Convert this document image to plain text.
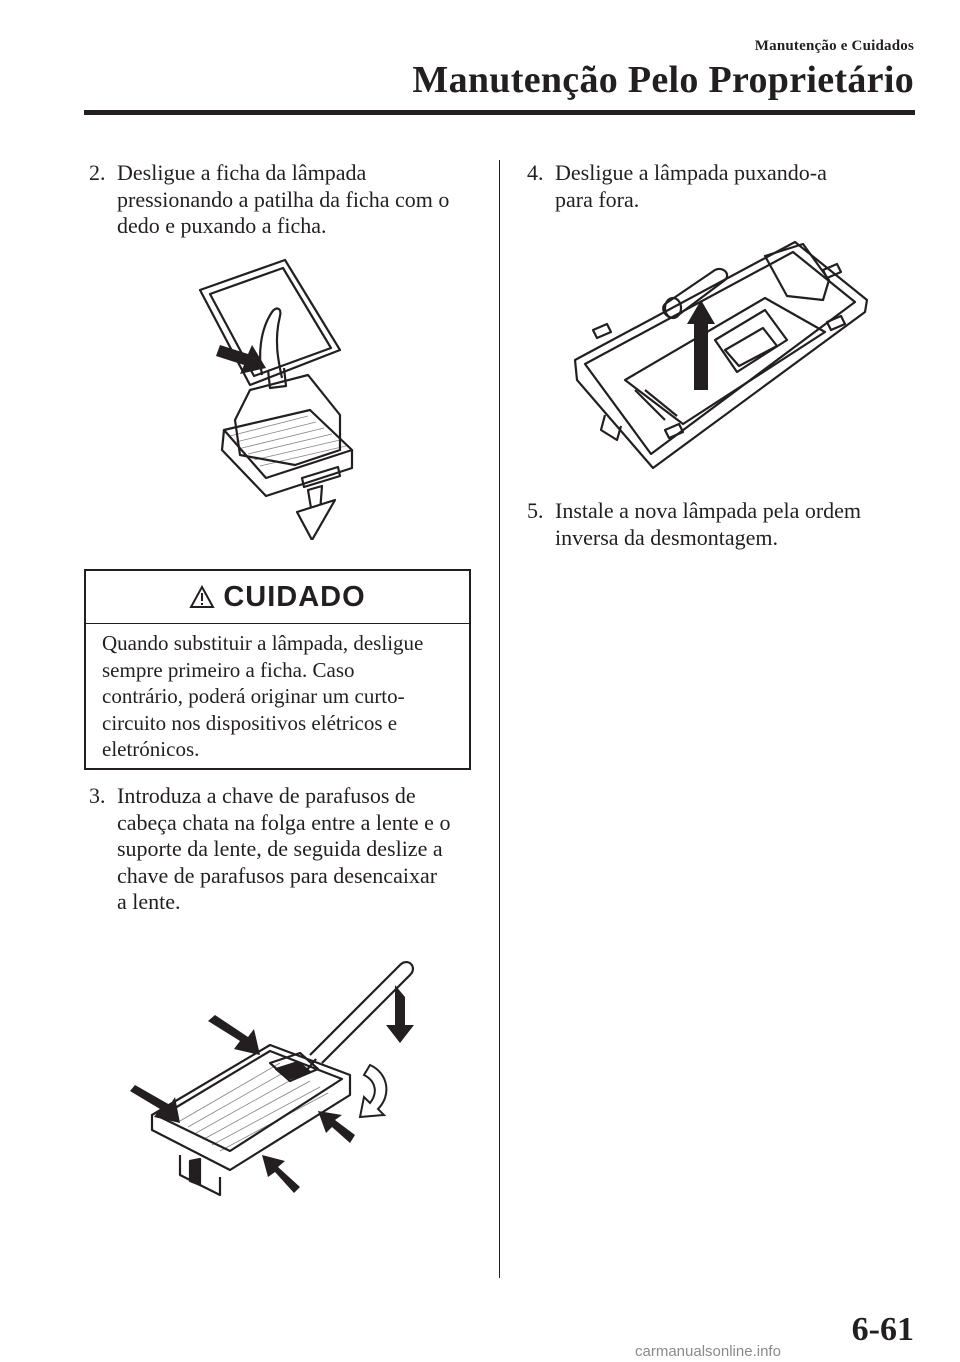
Manutenção e Cuidados
Manutenção Pelo Proprietário
2. Desligue a ficha da lâmpada
pressionando a patilha da ficha com o
dedo e puxando a ficha.
CUIDADO
Quando substituir a lâmpada, desligue
sempre primeiro a ficha. Caso
contrário, poderá originar um curto-
circuito nos dispositivos elétricos e
eletrónicos.
3. Introduza a chave de parafusos de
cabeça chata na folga entre a lente e o
suporte da lente, de seguida deslize a
chave de parafusos para desencaixar
a lente.
4. Desligue a lâmpada puxando-a
para fora.
5. Instale a nova lâmpada pela ordem
inversa da desmontagem.
6-61
carmanualsonline.info
